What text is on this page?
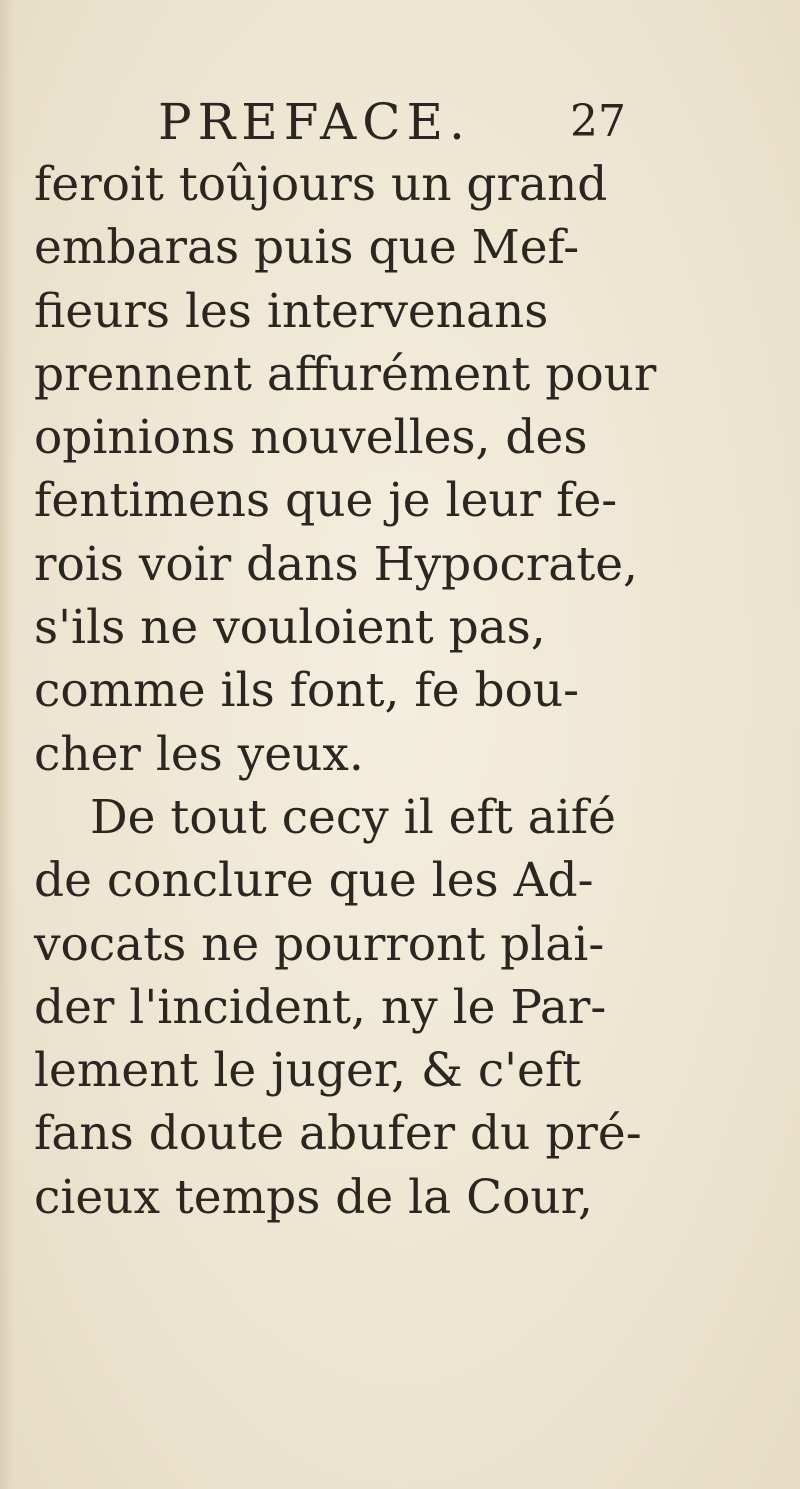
PREFACE. 27
feroit toûjours un grand
embaras puis que Mef-
fieurs les intervenans
prennent affurément pour
opinions nouvelles, des
fentimens que je leur fe-
rois voir dans Hypocrate,
s'ils ne vouloient pas,
comme ils font, fe bou-
cher les yeux.
De tout cecy il eft aifé
de conclure que les Ad-
vocats ne pourront plai-
der l'incident, ny le Par-
lement le juger, & c'eft
fans doute abufer du pré-
cieux temps de la Cour,
